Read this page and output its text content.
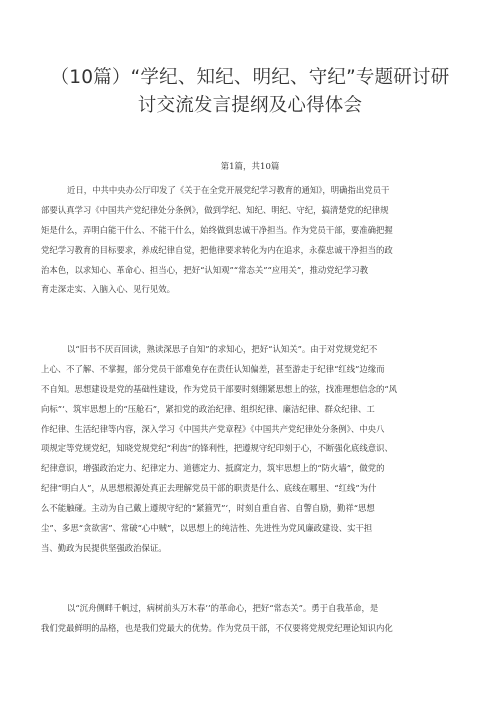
（10篇）“学纪、知纪、明纪、守纪”专题研讨研
讨交流发言提纲及心得体会
第1篇，共10篇
近日，中共中央办公厅印发了《关于在全党开展党纪学习教育的通知》，明确指出党员干
部要认真学习《中国共产党纪律处分条例》，做到学纪、知纪、明纪、守纪，搞清楚党的纪律规
矩是什么，弄明白能干什么、不能干什么，始终做到忠诚干净担当。作为党员干部，要准确把握
党纪学习教育的目标要求，养成纪律自觉，把他律要求转化为内在追求，永葆忠诚干净担当的政
治本色，以求知心、革命心、担当心，把好“认知观”“常态关”“应用关”，推动党纪学习教
育走深走实、入脑入心、见行见效。
以“旧书不厌百回读，熟读深思子自知”的求知心，把好“认知关”。由于对党规党纪不
上心、不了解、不掌握，部分党员干部难免存在责任认知偏差，甚至游走于纪律“红线”边缘而
不自知。思想建设是党的基础性建设，作为党员干部要时刻绷紧思想上的弦，找准理想信念的“风
向标”‘、筑牢思想上的“压舱石”，紧扣党的政治纪律、组织纪律、廉洁纪律、群众纪律、工
作纪律、生活纪律等内容，深入学习《中国共产党章程》《中国共产党纪律处分条例》、中央八
项规定等党规党纪，知晓党规党纪“利齿”的锋利性，把遵规守纪印刻于心，不断强化底线意识、
纪律意识，增强政治定力、纪律定力、道德定力、抵腐定力，筑牢思想上的“防火墙”，做党的
纪律“明白人”，从思想根源处真正去理解党员干部的职责是什么、底线在哪里、“红线”为什
么不能触碰。主动为自己戴上遵规守纪的“紧箍咒”‘，时刻自重自省、自警自励，勤祥“思想
尘”、多思“贪欲害”、常破“心中贼”，以思想上的纯洁性、先进性为党风廉政建设、实干担
当、勤政为民提供坚强政治保证。
以“沉舟侧畔千帆过，病树前头万木春’’的革命心，把好“常态关”。勇于自我革命，是
我们党最鲜明的品格，也是我们党最大的优势。作为党员干部，不仅要将党规党纪理论知识内化
